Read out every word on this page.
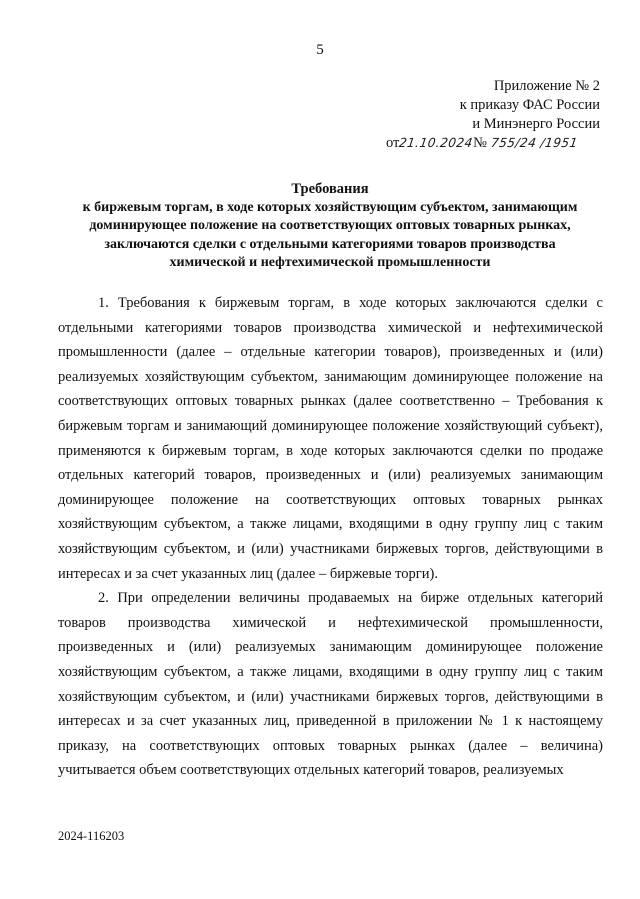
5
Приложение № 2
к приказу ФАС России
и Минэнерго России
от21.10.2024№ 755/24 /1951
Требования
к биржевым торгам, в ходе которых хозяйствующим субъектом, занимающим
доминирующее положение на соответствующих оптовых товарных рынках,
заключаются сделки с отдельными категориями товаров производства
химической и нефтехимической промышленности

1. Требования к биржевым торгам, в ходе которых заключаются сделки с отдельными категориями товаров производства химической и нефтехимической промышленности (далее – отдельные категории товаров), произведенных и (или) реализуемых хозяйствующим субъектом, занимающим доминирующее положение на соответствующих оптовых товарных рынках (далее соответственно – Требования к биржевым торгам и занимающий доминирующее положение хозяйствующий субъект), применяются к биржевым торгам, в ходе которых заключаются сделки по продаже отдельных категорий товаров, произведенных и (или) реализуемых занимающим доминирующее положение на соответствующих оптовых товарных рынках хозяйствующим субъектом, а также лицами, входящими в одну группу лиц с таким хозяйствующим субъектом, и (или) участниками биржевых торгов, действующими в интересах и за счет указанных лиц (далее – биржевые торги).

2. При определении величины продаваемых на бирже отдельных категорий товаров производства химической и нефтехимической промышленности, произведенных и (или) реализуемых занимающим доминирующее положение хозяйствующим субъектом, а также лицами, входящими в одну группу лиц с таким хозяйствующим субъектом, и (или) участниками биржевых торгов, действующими в интересах и за счет указанных лиц, приведенной в приложении № 1 к настоящему приказу, на соответствующих оптовых товарных рынках (далее – величина) учитывается объем соответствующих отдельных категорий товаров, реализуемых

2024-116203
